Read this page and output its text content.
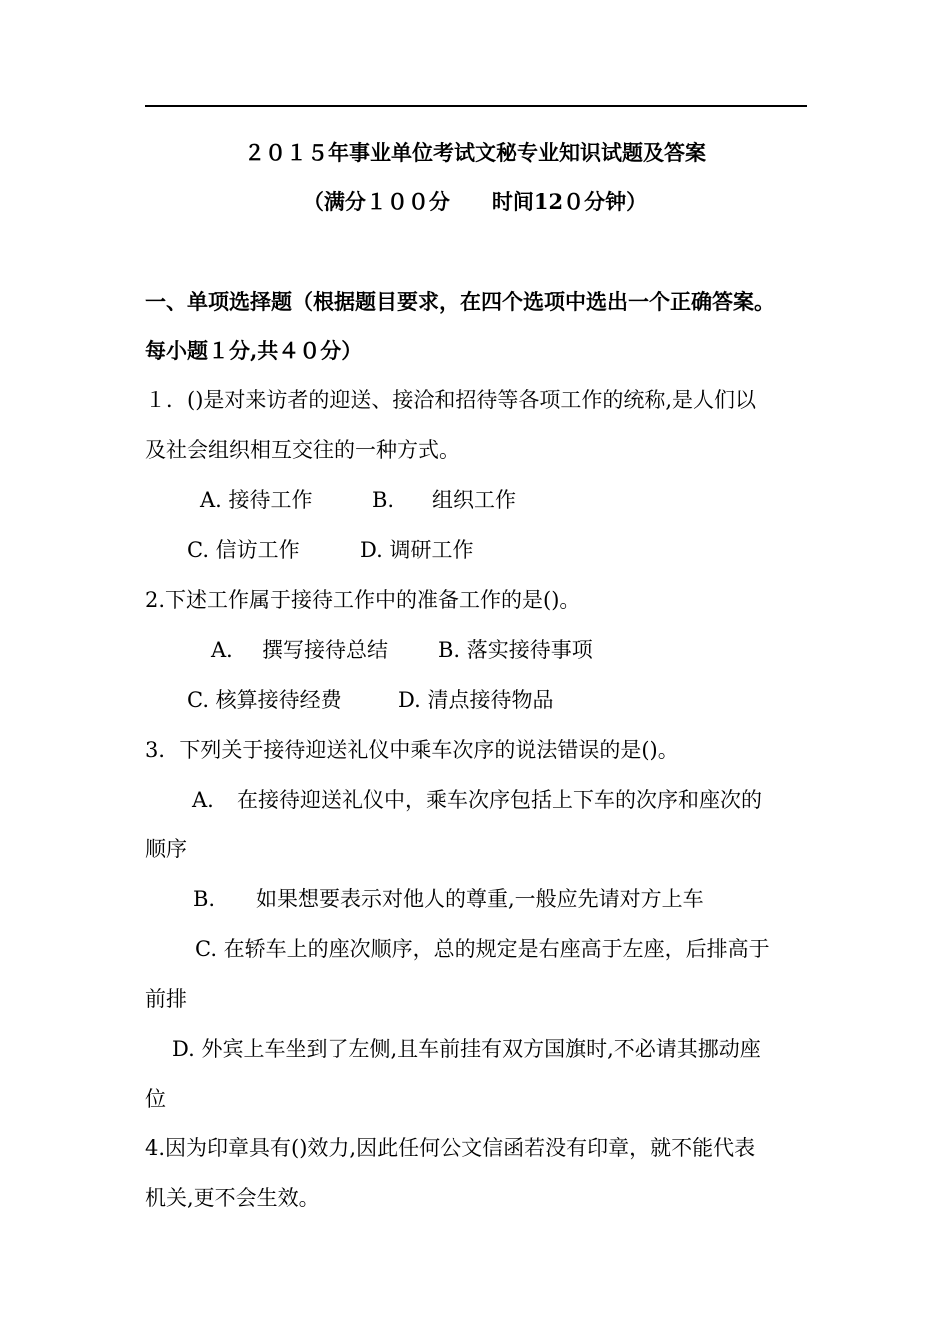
２０１５年事业单位考试文秘专业知识试题及答案
（满分１００分　　时间12０分钟）
一、单项选择题（根据题目要求，在四个选项中选出一个正确答案。
每小题１分,共４０分）
１．()是对来访者的迎送、接洽和招待等各项工作的统称,是人们以
及社会组织相互交往的一种方式。
A. 接待工作	B. 组织工作
C. 信访工作	D. 调研工作
2.下述工作属于接待工作中的准备工作的是()。
A． 撰写接待总结 B. 落实接待事项
C. 核算接待经费	D. 清点接待物品
3．下列关于接待迎送礼仪中乘车次序的说法错误的是()。
A. 在接待迎送礼仪中，乘车次序包括上下车的次序和座次的
顺序
B. 如果想要表示对他人的尊重,一般应先请对方上车
C. 在轿车上的座次顺序，总的规定是右座高于左座，后排高于
前排
D. 外宾上车坐到了左侧,且车前挂有双方国旗时,不必请其挪动座
位
4.因为印章具有()效力,因此任何公文信函若没有印章，就不能代表
机关,更不会生效。
